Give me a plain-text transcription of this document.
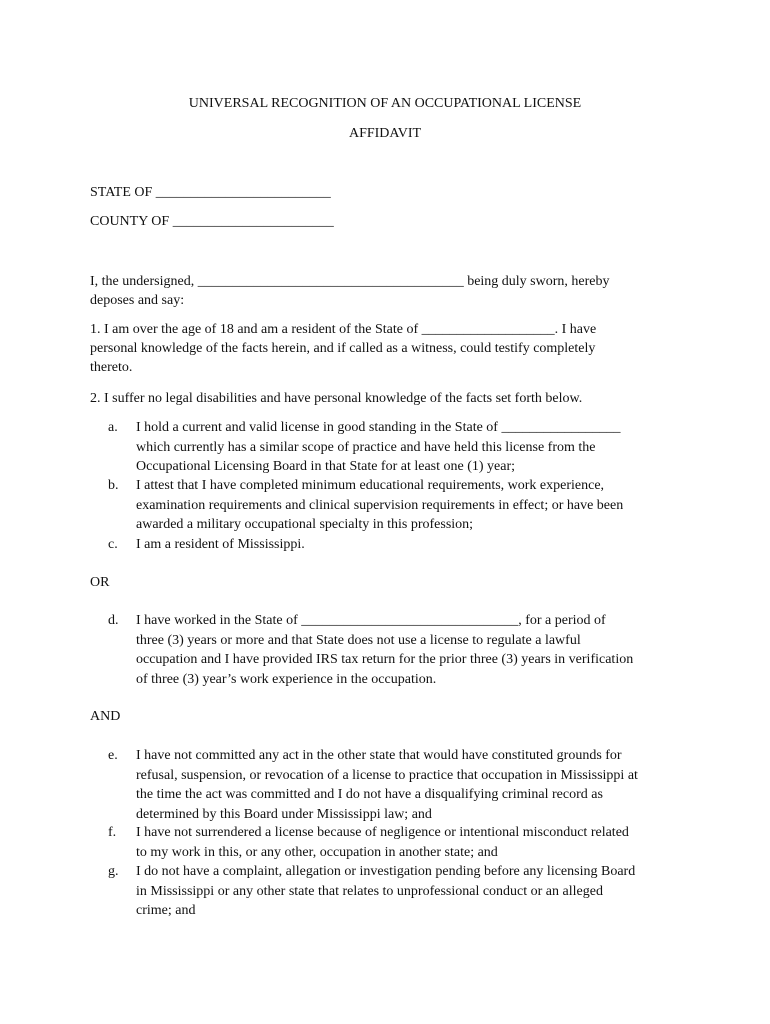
UNIVERSAL RECOGNITION OF AN OCCUPATIONAL LICENSE
AFFIDAVIT
STATE OF _________________________
COUNTY OF _______________________
I, the undersigned, ______________________________________ being duly sworn, hereby
deposes and say:
1. I am over the age of 18 and am a resident of the State of ___________________. I have
personal knowledge of the facts herein, and if called as a witness, could testify completely
thereto.
2. I suffer no legal disabilities and have personal knowledge of the facts set forth below.
a.	I hold a current and valid license in good standing in the State of _________________
which currently has a similar scope of practice and have held this license from the
Occupational Licensing Board in that State for at least one (1) year;
b.	I attest that I have completed minimum educational requirements, work experience,
examination requirements and clinical supervision requirements in effect; or have been
awarded a military occupational specialty in this profession;
c.	I am a resident of Mississippi.
OR
d.	I have worked in the State of _______________________________, for a period of
three (3) years or more and that State does not use a license to regulate a lawful
occupation and I have provided IRS tax return for the prior three (3) years in verification
of three (3) year’s work experience in the occupation.
AND
e.	I have not committed any act in the other state that would have constituted grounds for
refusal, suspension, or revocation of a license to practice that occupation in Mississippi at
the time the act was committed and I do not have a disqualifying criminal record as
determined by this Board under Mississippi law; and
f.	I have not surrendered a license because of negligence or intentional misconduct related
to my work in this, or any other, occupation in another state; and
g.	I do not have a complaint, allegation or investigation pending before any licensing Board
in Mississippi or any other state that relates to unprofessional conduct or an alleged
crime; and
